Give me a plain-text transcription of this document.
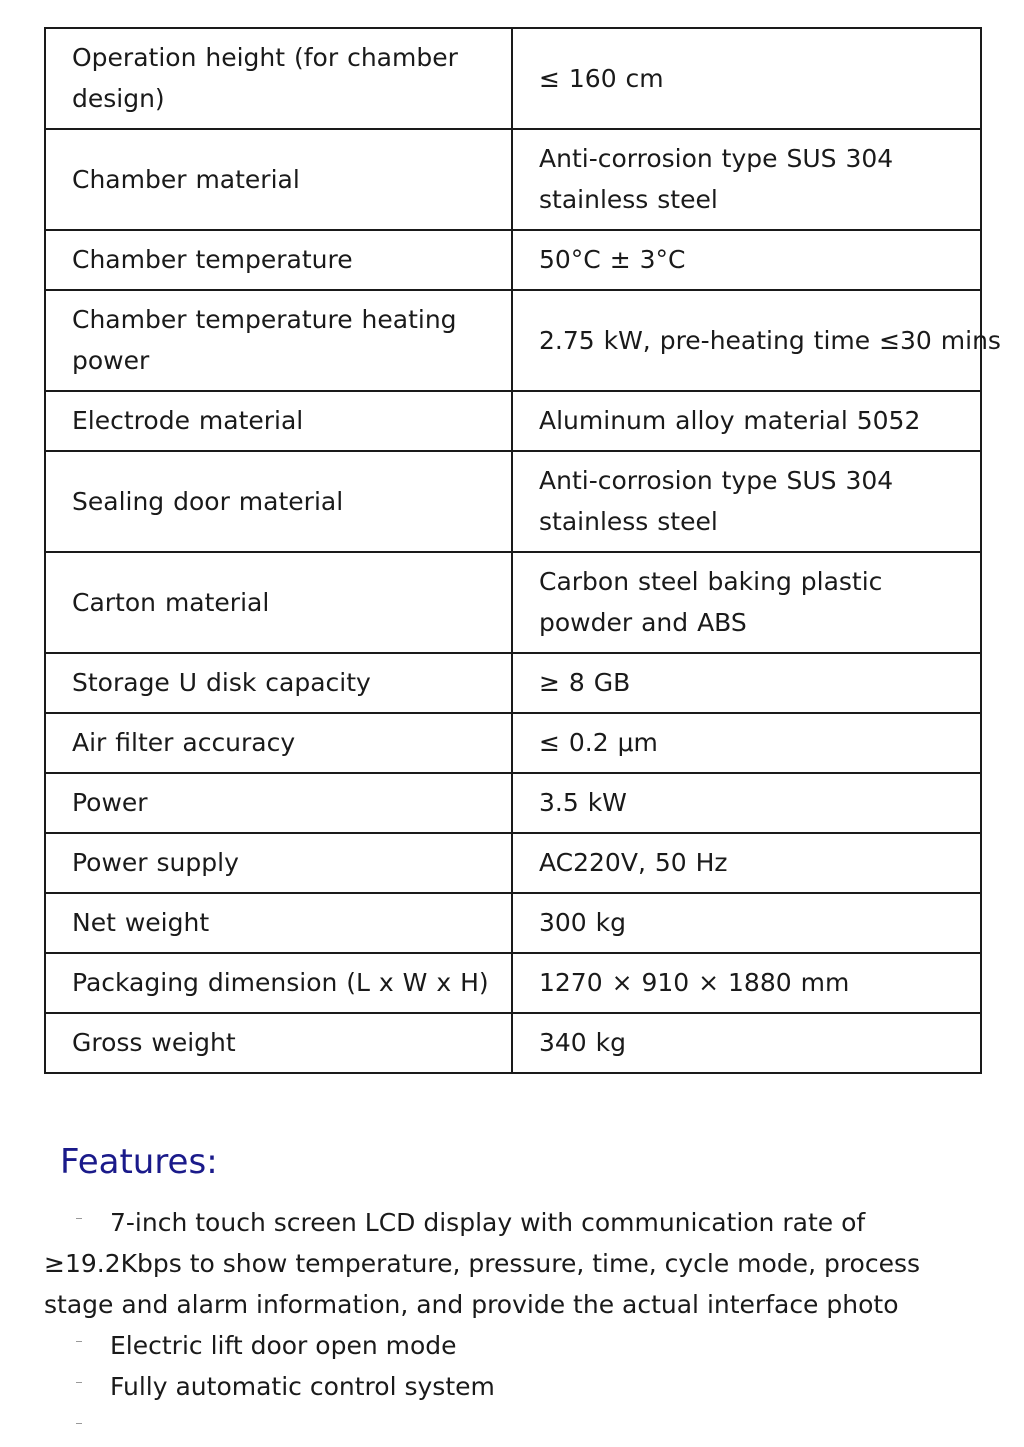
Operation height (for chamber design)	≤ 160 cm
Chamber material	Anti-corrosion type SUS 304 stainless steel
Chamber temperature	50°C ± 3°C
Chamber temperature heating power	2.75 kW, pre-heating time ≤30 mins
Electrode material	Aluminum alloy material 5052
Sealing door material	Anti-corrosion type SUS 304 stainless steel
Carton material	Carbon steel baking plastic powder and ABS
Storage U disk capacity	≥ 8 GB
Air filter accuracy	≤ 0.2 μm
Power	3.5 kW
Power supply	AC220V, 50 Hz
Net weight	300 kg
Packaging dimension (L x W x H)	1270 × 910 × 1880 mm
Gross weight	340 kg
Features:
7-inch touch screen LCD display with communication rate of ≥19.2Kbps to show temperature, pressure, time, cycle mode, process stage and alarm information, and provide the actual interface photo
Electric lift door open mode
Fully automatic control system
